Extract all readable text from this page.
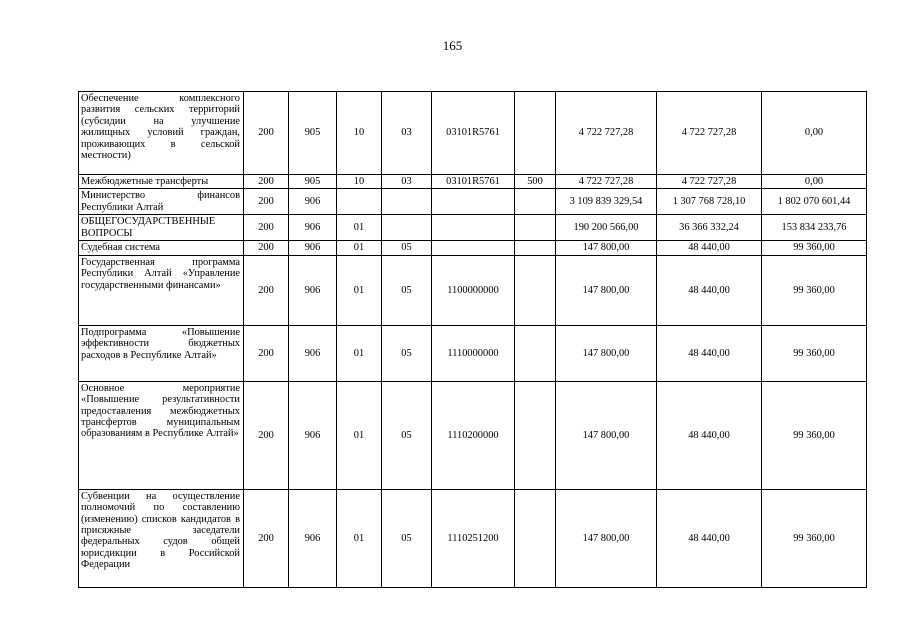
165
Обеспечение комплексного развития сельских территорий (субсидии на улучшение жилищных условий граждан, проживающих в сельской местности)	200	905	10	03	03101R5761		4 722 727,28	4 722 727,28	0,00
Межбюджетные трансферты	200	905	10	03	03101R5761	500	4 722 727,28	4 722 727,28	0,00
Министерство финансов Республики Алтай	200	906					3 109 839 329,54	1 307 768 728,10	1 802 070 601,44
ОБЩЕГОСУДАРСТВЕННЫЕ ВОПРОСЫ	200	906	01				190 200 566,00	36 366 332,24	153 834 233,76
Судебная система	200	906	01	05			147 800,00	48 440,00	99 360,00
Государственная программа Республики Алтай «Управление государственными финансами»	200	906	01	05	1100000000		147 800,00	48 440,00	99 360,00
Подпрограмма «Повышение эффективности бюджетных расходов в Республике Алтай»	200	906	01	05	1110000000		147 800,00	48 440,00	99 360,00
Основное мероприятие «Повышение результативности предоставления межбюджетных трансфертов муниципальным образованиям в Республике Алтай»	200	906	01	05	1110200000		147 800,00	48 440,00	99 360,00
Субвенции на осуществление полномочий по составлению (изменению) списков кандидатов в присяжные заседатели федеральных судов общей юрисдикции в Российской Федерации	200	906	01	05	1110251200		147 800,00	48 440,00	99 360,00
